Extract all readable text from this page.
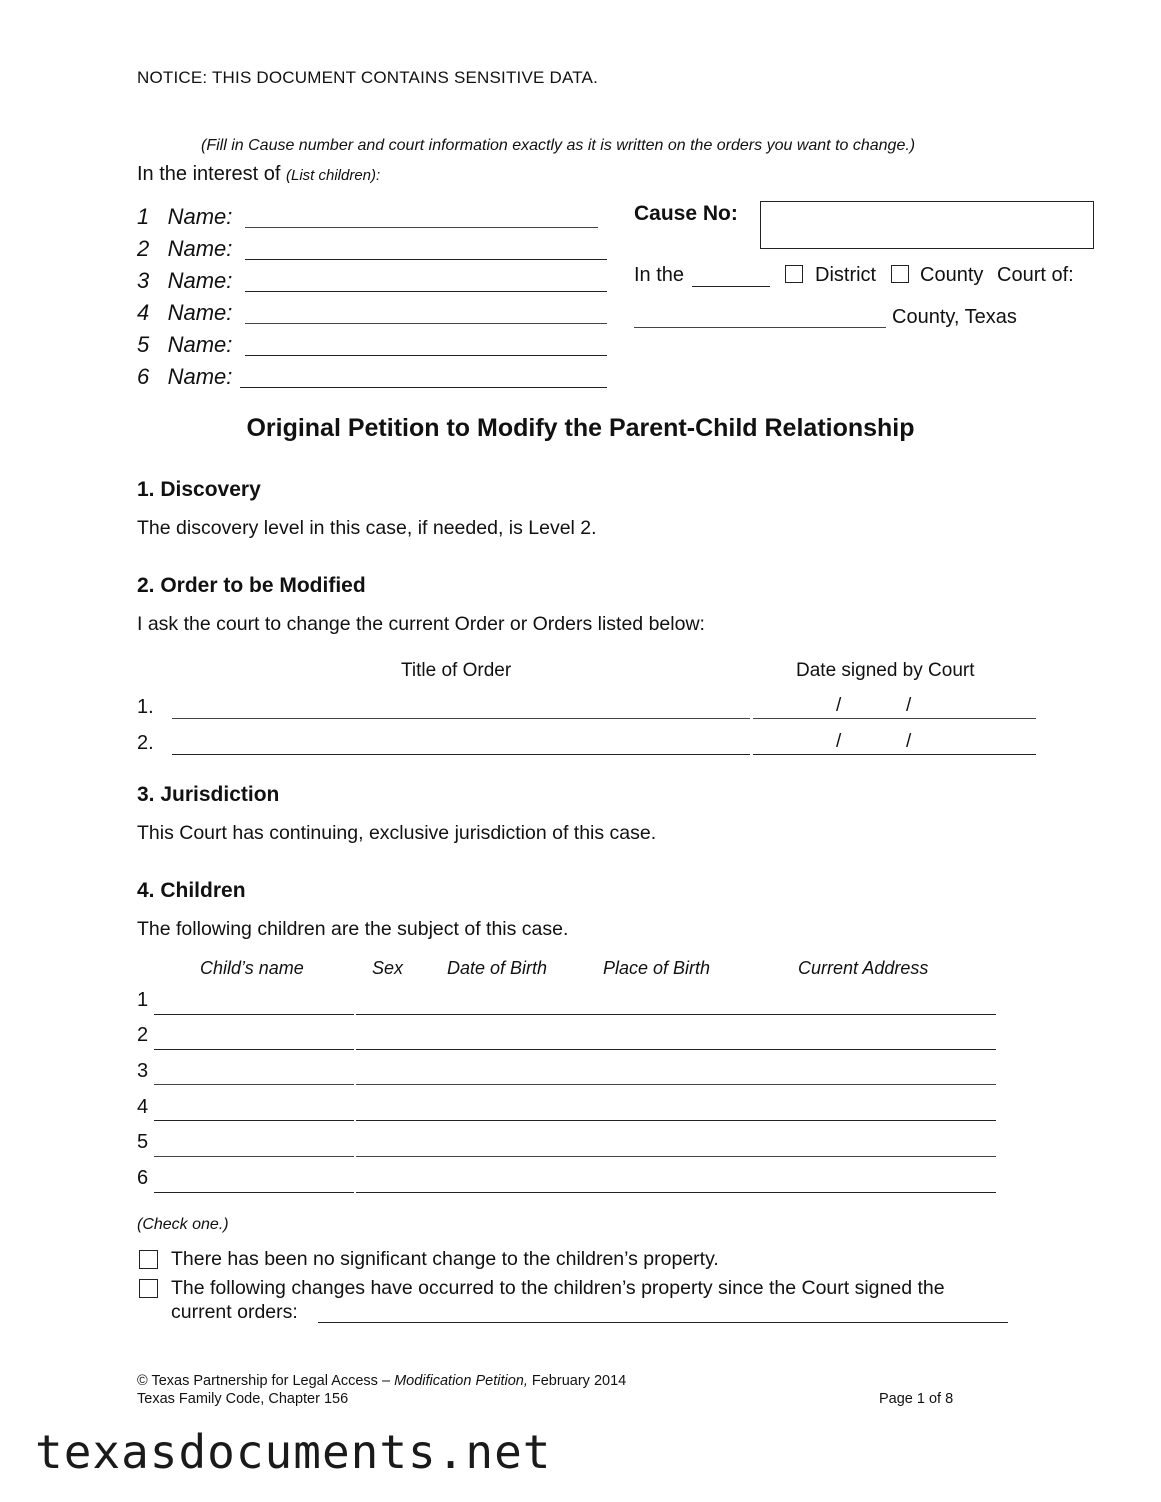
NOTICE: THIS DOCUMENT CONTAINS SENSITIVE DATA.
(Fill in Cause number and court information exactly as it is written on the orders you want to change.)
In the interest of (List children):
1 Name:
2 Name:
3 Name:
4 Name:
5 Name:
6 Name:
Cause No:
In the	District County Court of:
County, Texas
Original Petition to Modify the Parent-Child Relationship
1. Discovery
The discovery level in this case, if needed, is Level 2.
2. Order to be Modified
I ask the court to change the current Order or Orders listed below:
Title of Order	Date signed by Court
1.	/	/
2.	/	/
3. Jurisdiction
This Court has continuing, exclusive jurisdiction of this case.
4. Children
The following children are the subject of this case.
Child’s name	Sex Date of Birth	Place of Birth	Current Address
1
2
3
4
5
6
(Check one.)
There has been no significant change to the children’s property.
The following changes have occurred to the children’s property since the Court signed the
current orders:
© Texas Partnership for Legal Access – Modification Petition, February 2014
Texas Family Code, Chapter 156	Page 1 of 8
texasdocuments.net
